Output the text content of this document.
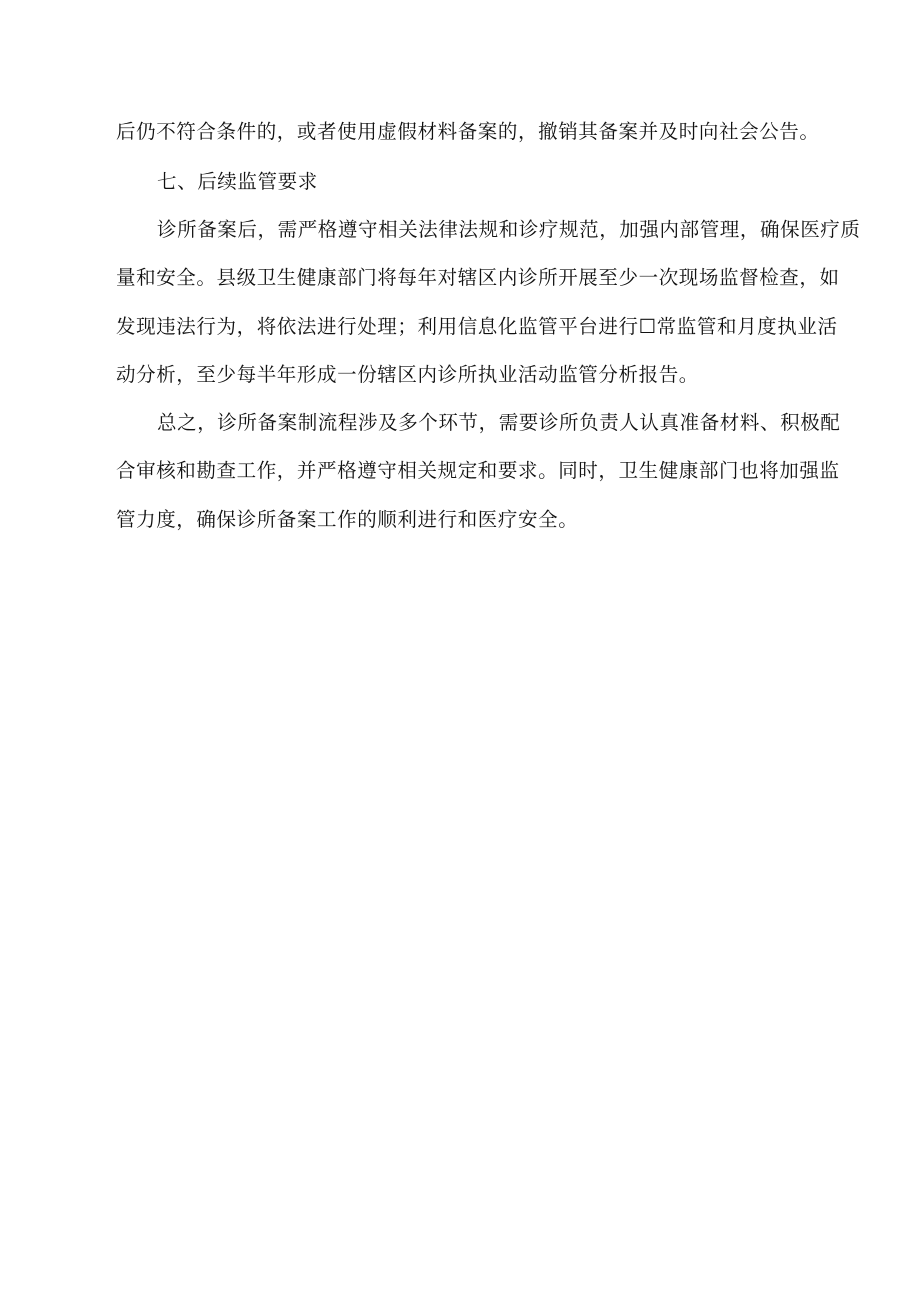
后仍不符合条件的，或者使用虚假材料备案的，撤销其备案并及时向社会公告。
七、后续监管要求
诊所备案后，需严格遵守相关法律法规和诊疗规范，加强内部管理，确保医疗质
量和安全。县级卫生健康部门将每年对辖区内诊所开展至少一次现场监督检查，如
发现违法行为，将依法进行处理；利用信息化监管平台进行☐常监管和月度执业活
动分析，至少每半年形成一份辖区内诊所执业活动监管分析报告。
总之，诊所备案制流程涉及多个环节，需要诊所负责人认真准备材料、积极配
合审核和勘查工作，并严格遵守相关规定和要求。同时，卫生健康部门也将加强监
管力度，确保诊所备案工作的顺利进行和医疗安全。
